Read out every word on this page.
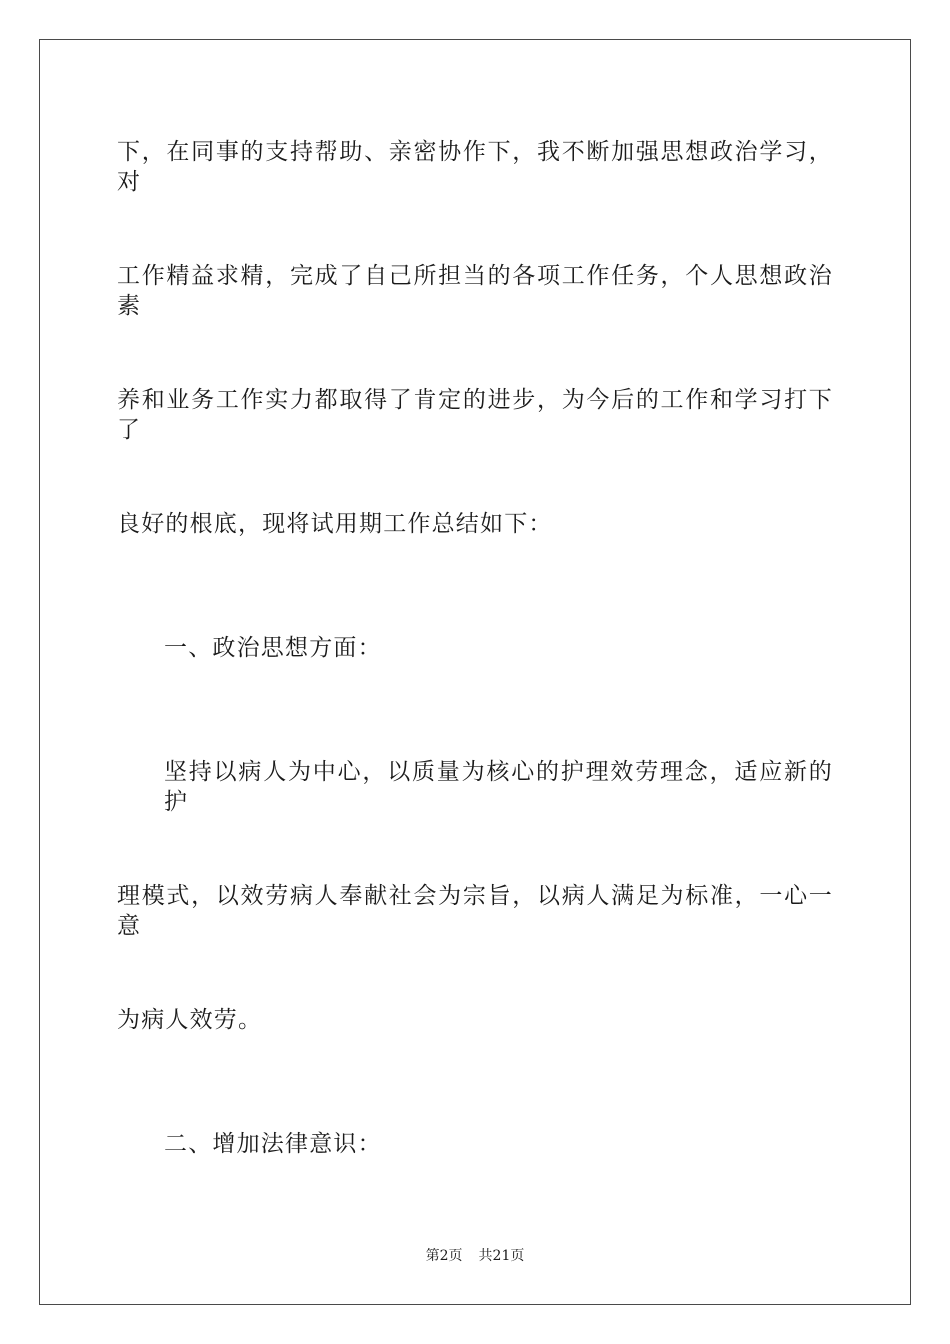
下，在同事的支持帮助、亲密协作下，我不断加强思想政治学习，对
工作精益求精，完成了自己所担当的各项工作任务，个人思想政治素
养和业务工作实力都取得了肯定的进步，为今后的工作和学习打下了
良好的根底，现将试用期工作总结如下：
一、政治思想方面：
坚持以病人为中心，以质量为核心的护理效劳理念，适应新的护
理模式，以效劳病人奉献社会为宗旨，以病人满足为标准，一心一意
为病人效劳。
二、增加法律意识：
第2页 共21页
